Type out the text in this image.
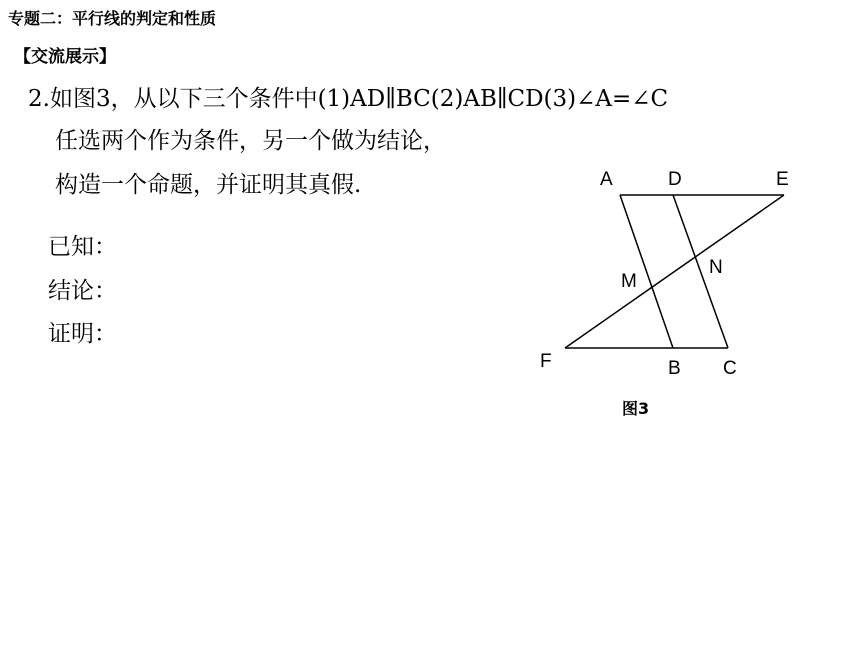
专题二：平行线的判定和性质
【交流展示】
2.如图3，从以下三个条件中(1)AD∥BC(2)AB∥CD(3)∠A=∠C
任选两个作为条件，另一个做为结论，
构造一个命题，并证明其真假.
已知：
结论：
证明：
A	D	E
M
N
F	B C
图3
